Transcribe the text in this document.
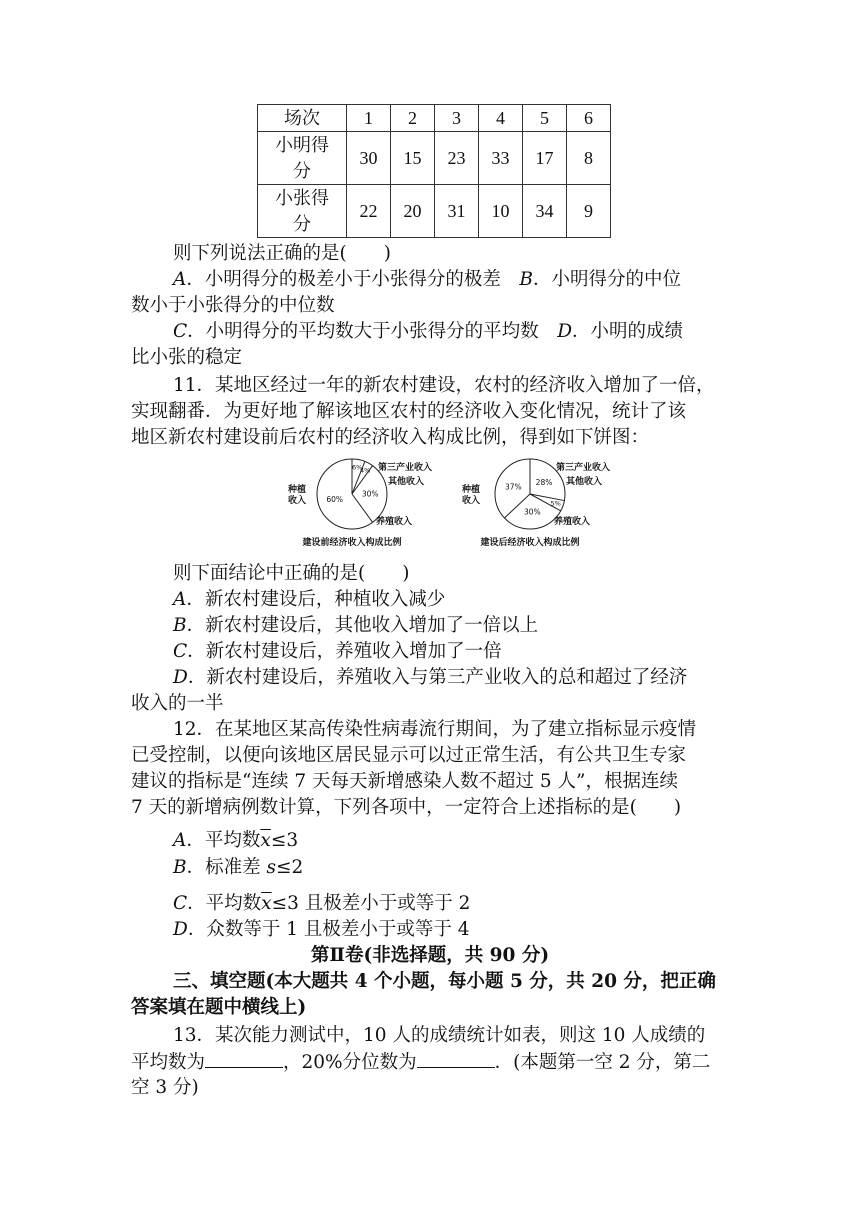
场次	1	2	3	4	5	6
小明得分	30	15	23	33	17	8
小张得分	22	20	31	10	34	9
则下列说法正确的是(　　)
A．小明得分的极差小于小张得分的极差　 B．小明得分的中位
数小于小张得分的中位数
C．小明得分的平均数大于小张得分的平均数　 D．小明的成绩
比小张的稳定
11．某地区经过一年的新农村建设，农村的经济收入增加了一倍，
实现翻番．为更好地了解该地区农村的经济收入变化情况，统计了该
地区新农村建设前后农村的经济收入构成比例，得到如下饼图：
60%
6%
4%
30%
种植
收入
第三产业收入
其他收入
养殖收入
建设前经济收入构成比例
37% 28%
5%
30%
种植
收入
第三产业收入
其他收入
养殖收入
建设后经济收入构成比例
则下面结论中正确的是(　　)
A．新农村建设后，种植收入减少
B．新农村建设后，其他收入增加了一倍以上
C．新农村建设后，养殖收入增加了一倍
D．新农村建设后，养殖收入与第三产业收入的总和超过了经济
收入的一半
12．在某地区某高传染性病毒流行期间，为了建立指标显示疫情
已受控制，以便向该地区居民显示可以过正常生活，有公共卫生专家
建议的指标是“连续 7 天每天新增感染人数不超过 5 人”，根据连续
7 天的新增病例数计算，下列各项中，一定符合上述指标的是(　　)
A．平均数$\overline{x}\le 3$
B．标准差 s≤2
C．平均数$\overline{x}\le 3$ 且极差小于或等于 2
D．众数等于 1 且极差小于或等于 4
第Ⅱ卷(非选择题，共 90 分)
三、填空题(本大题共 4 个小题，每小题 5 分，共 20 分，把正确
答案填在题中横线上)
13．某次能力测试中，10 人的成绩统计如表，则这 10 人成绩的
平均数为	，20%分位数为	．(本题第一空 2 分，第二
空 3 分)
